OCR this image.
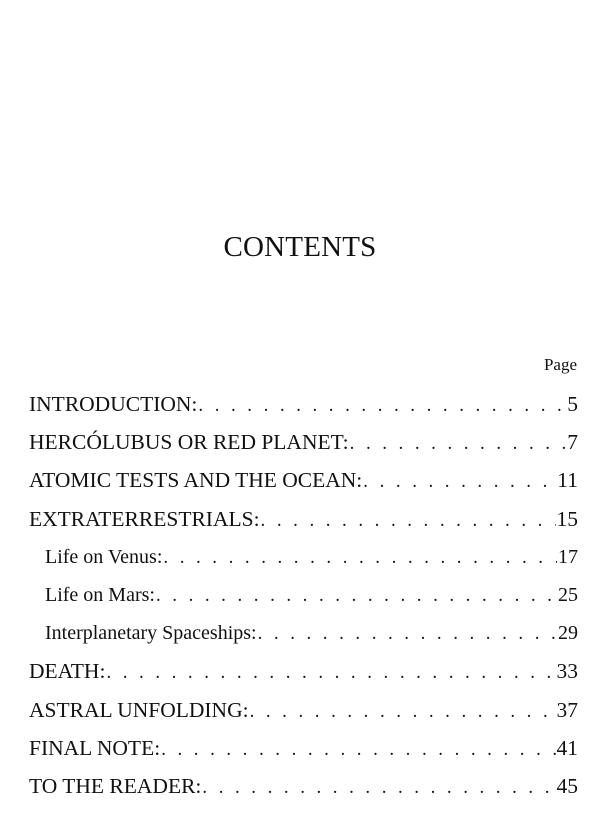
CONTENTS
Page
INTRODUCTION: . . .	5
HERCÓLUBUS OR RED PLANET: . . .	7
ATOMIC TESTS AND THE OCEAN: . . .	11
EXTRATERRESTRIALS: . . .	15
Life on Venus: . . .	17
Life on Mars: . . .	25
Interplanetary Spaceships: . . .	29
DEATH: . . .	33
ASTRAL UNFOLDING: . . .	37
FINAL NOTE: . . .	41
TO THE READER: . . .	45
